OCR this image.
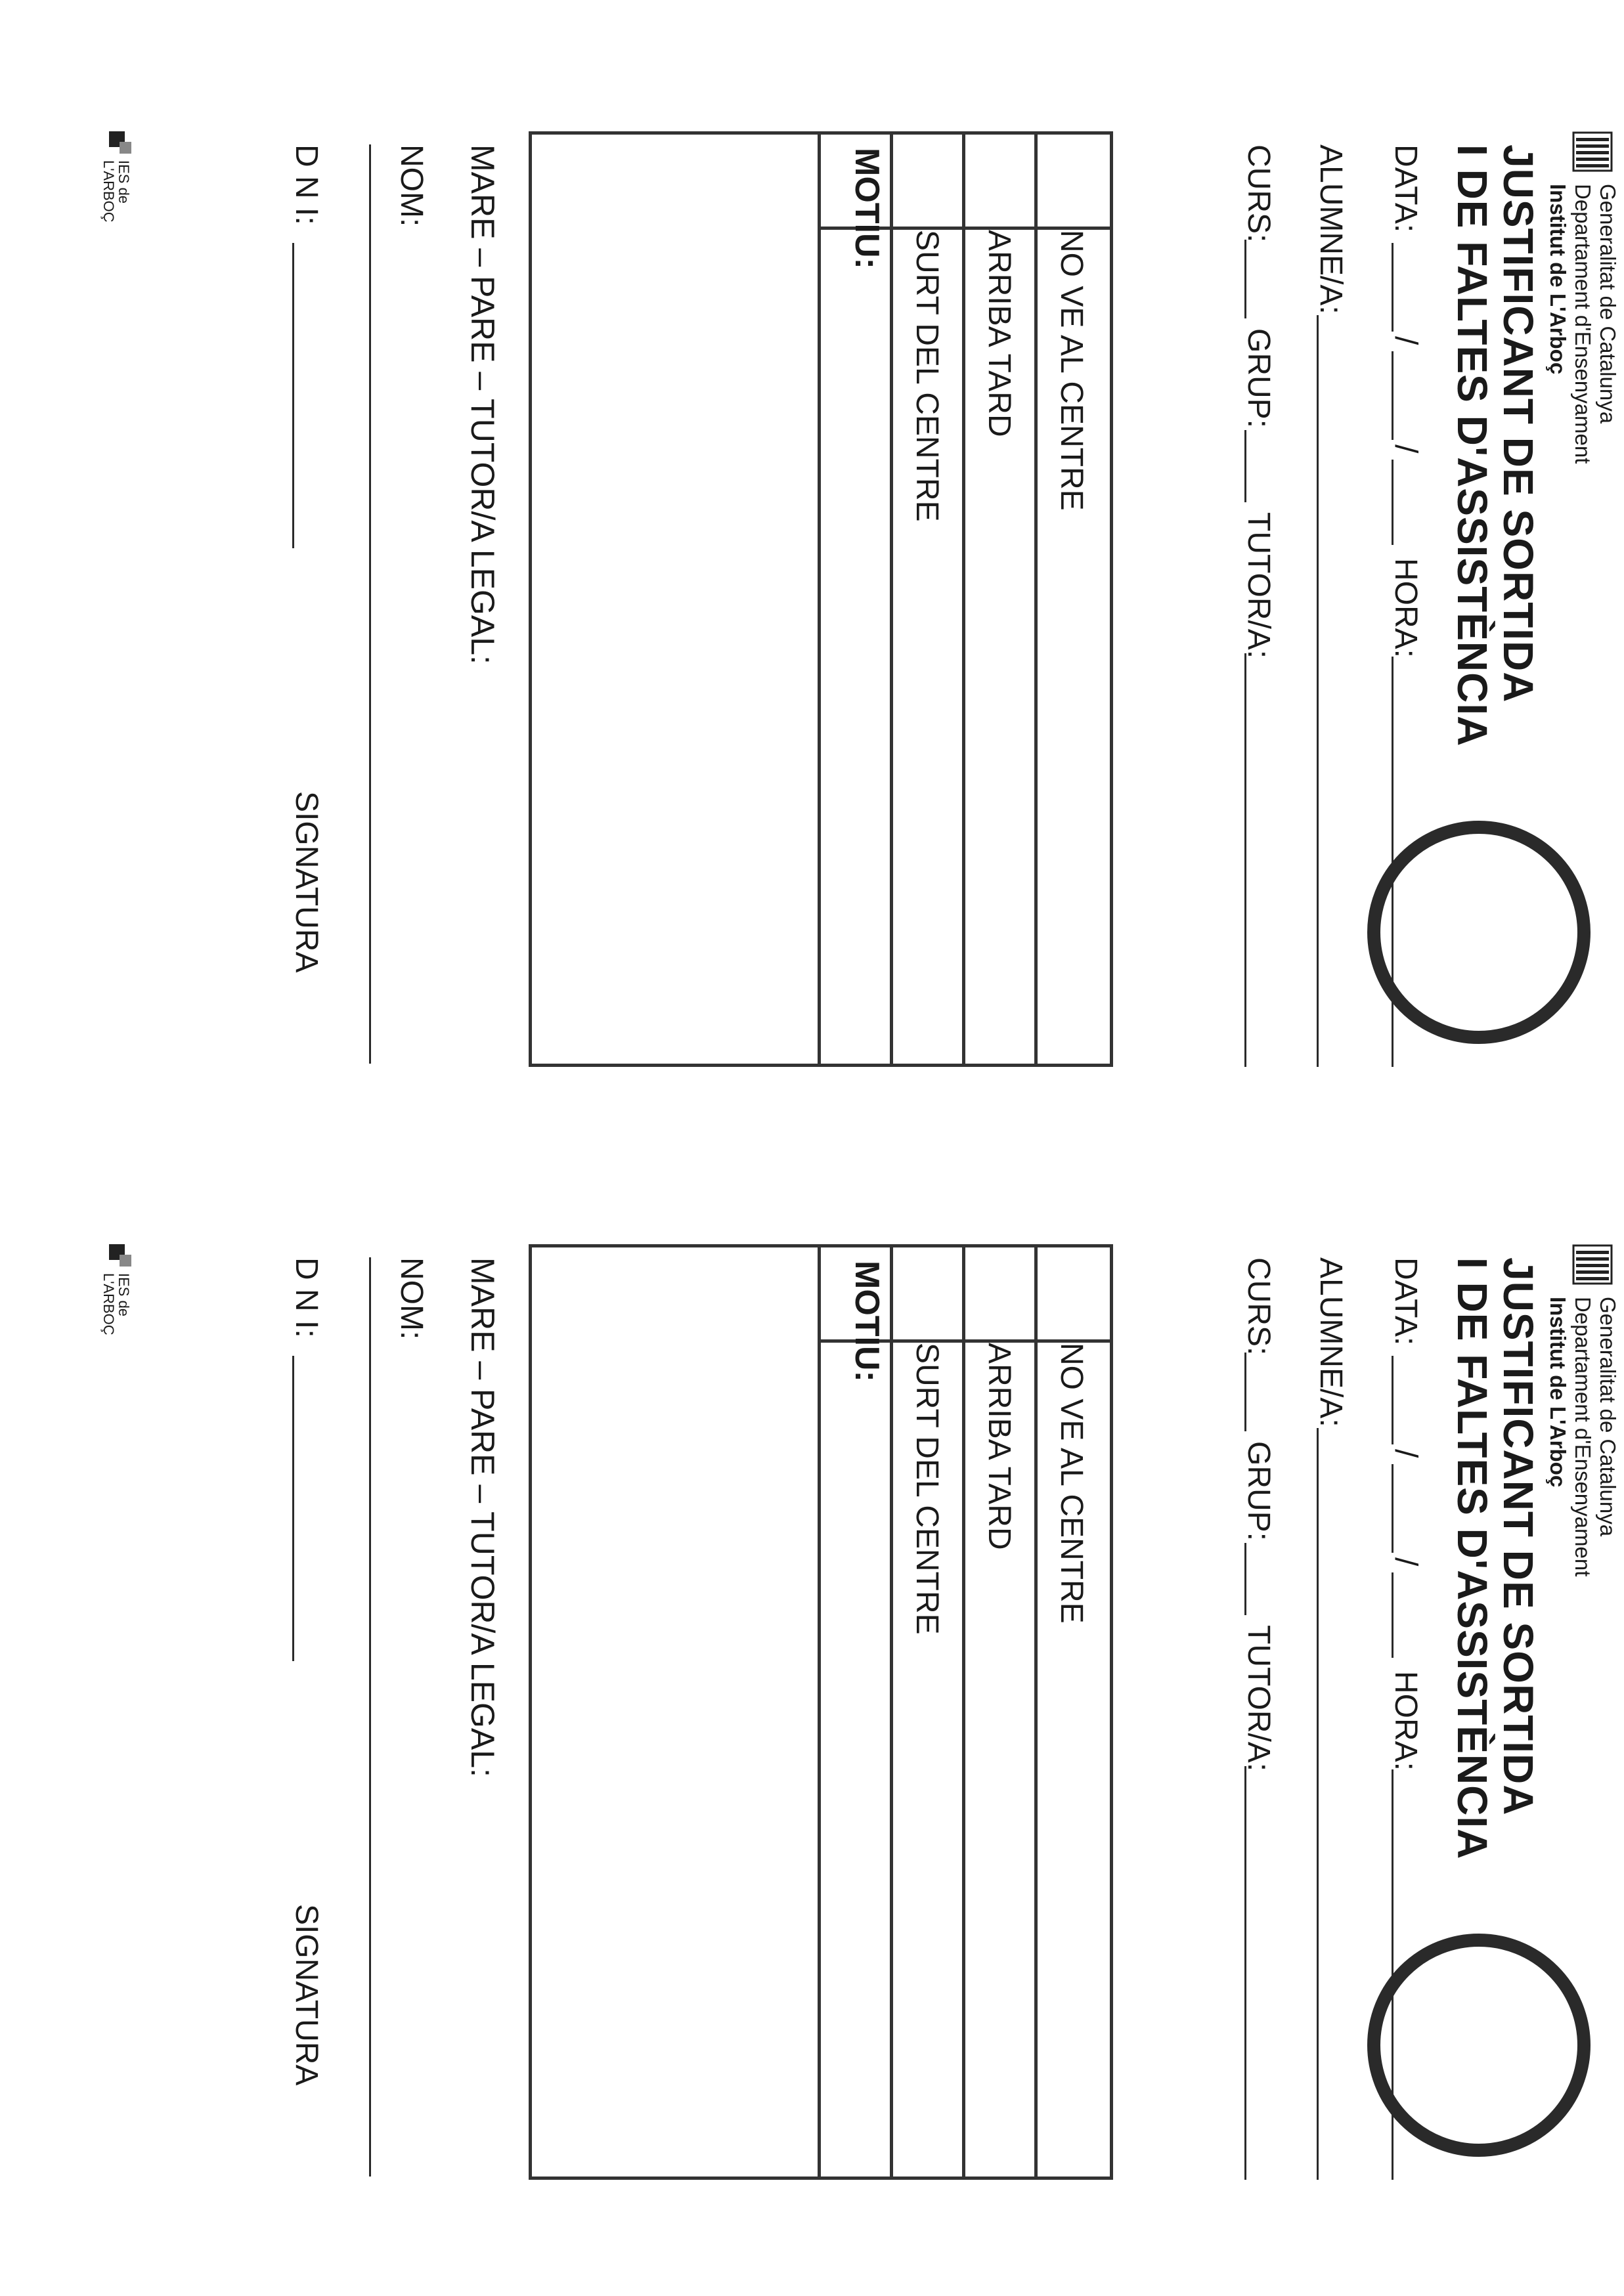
Generalitat de Catalunya
Departament d'Ensenyament
Institut de L'Arboç
JUSTIFICANT DE SORTIDA
I DE FALTES D'ASSISTÈNCIA
DATA:
/
/
HORA:
ALUMNE/A:
CURS:
GRUP:
TUTOR/A:
NO VE AL CENTRE
ARRIBA TARD
SURT DEL CENTRE
MOTIU:
MARE – PARE – TUTOR/A LEGAL:
NOM:
D N I:
SIGNATURA
IES de
L'ARBOÇ
Generalitat de Catalunya
Departament d'Ensenyament
Institut de L'Arboç
JUSTIFICANT DE SORTIDA
I DE FALTES D'ASSISTÈNCIA
DATA:
/
/
HORA:
ALUMNE/A:
CURS:
GRUP:
TUTOR/A:
NO VE AL CENTRE
ARRIBA TARD
SURT DEL CENTRE
MOTIU:
MARE – PARE – TUTOR/A LEGAL:
NOM:
D N I:
SIGNATURA
IES de
L'ARBOÇ
